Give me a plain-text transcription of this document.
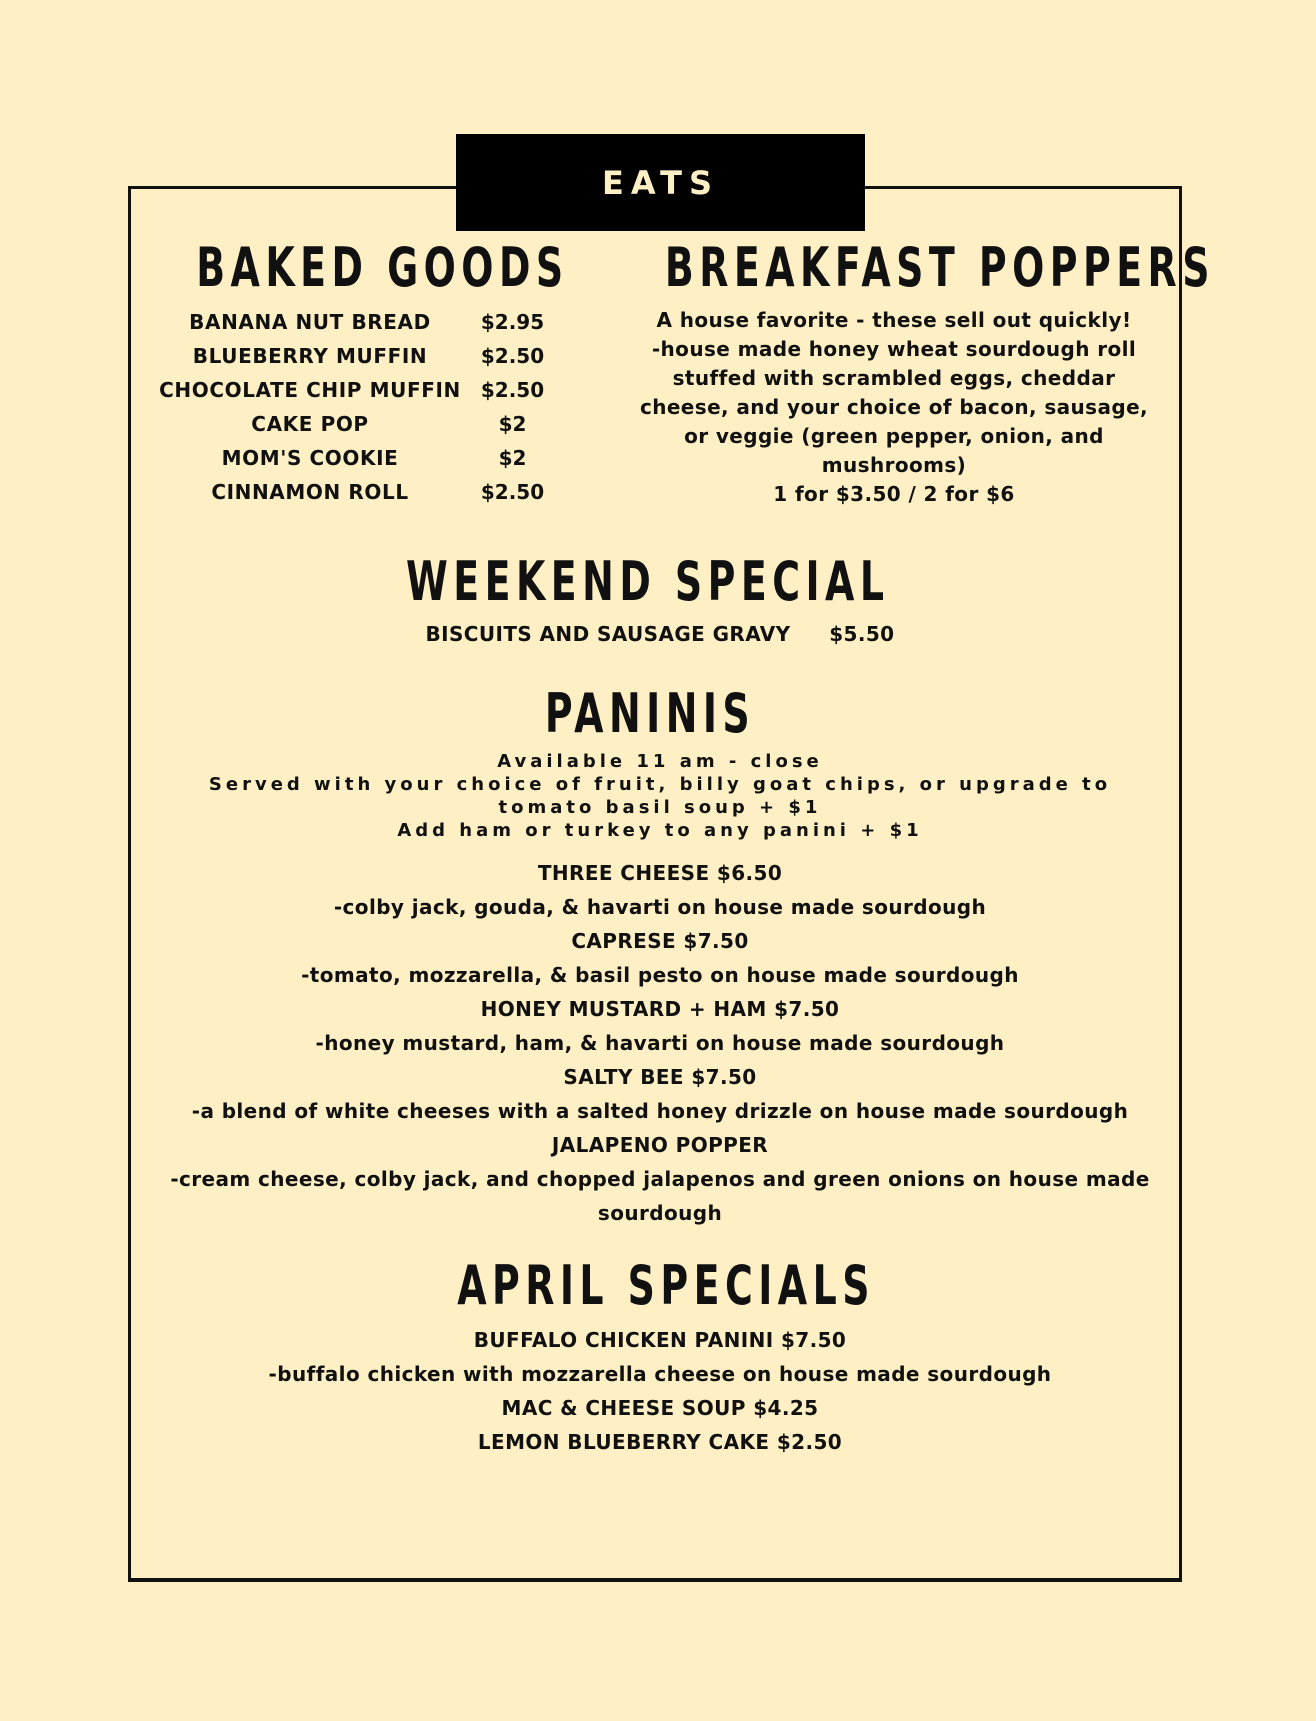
EATS
BAKED GOODS
BANANA NUT BREAD	$2.95
BLUEBERRY MUFFIN	$2.50
CHOCOLATE CHIP MUFFIN $2.50
CAKE POP	$2
MOM'S COOKIE	$2
CINNAMON ROLL	$2.50
BREAKFAST POPPERS

A house favorite - these sell out quickly!

-house made honey wheat sourdough roll

stuffed with scrambled eggs, cheddar

cheese, and your choice of bacon, sausage,

or veggie (green pepper, onion, and

mushrooms)

1 for $3.50 / 2 for $6

WEEKEND SPECIAL
BISCUITS AND SAUSAGE GRAVY $5.50
PANINIS
Available 11 am - close
Served with your choice of fruit, billy goat chips, or upgrade to
tomato basil soup + $1
Add ham or turkey to any panini + $1
THREE CHEESE $6.50
-colby jack, gouda, & havarti on house made sourdough
CAPRESE $7.50
-tomato, mozzarella, & basil pesto on house made sourdough
HONEY MUSTARD + HAM $7.50
-honey mustard, ham, & havarti on house made sourdough
SALTY BEE $7.50
-a blend of white cheeses with a salted honey drizzle on house made sourdough
JALAPENO POPPER
-cream cheese, colby jack, and chopped jalapenos and green onions on house made
sourdough
APRIL SPECIALS
BUFFALO CHICKEN PANINI $7.50
-buffalo chicken with mozzarella cheese on house made sourdough
MAC & CHEESE SOUP $4.25
LEMON BLUEBERRY CAKE $2.50
